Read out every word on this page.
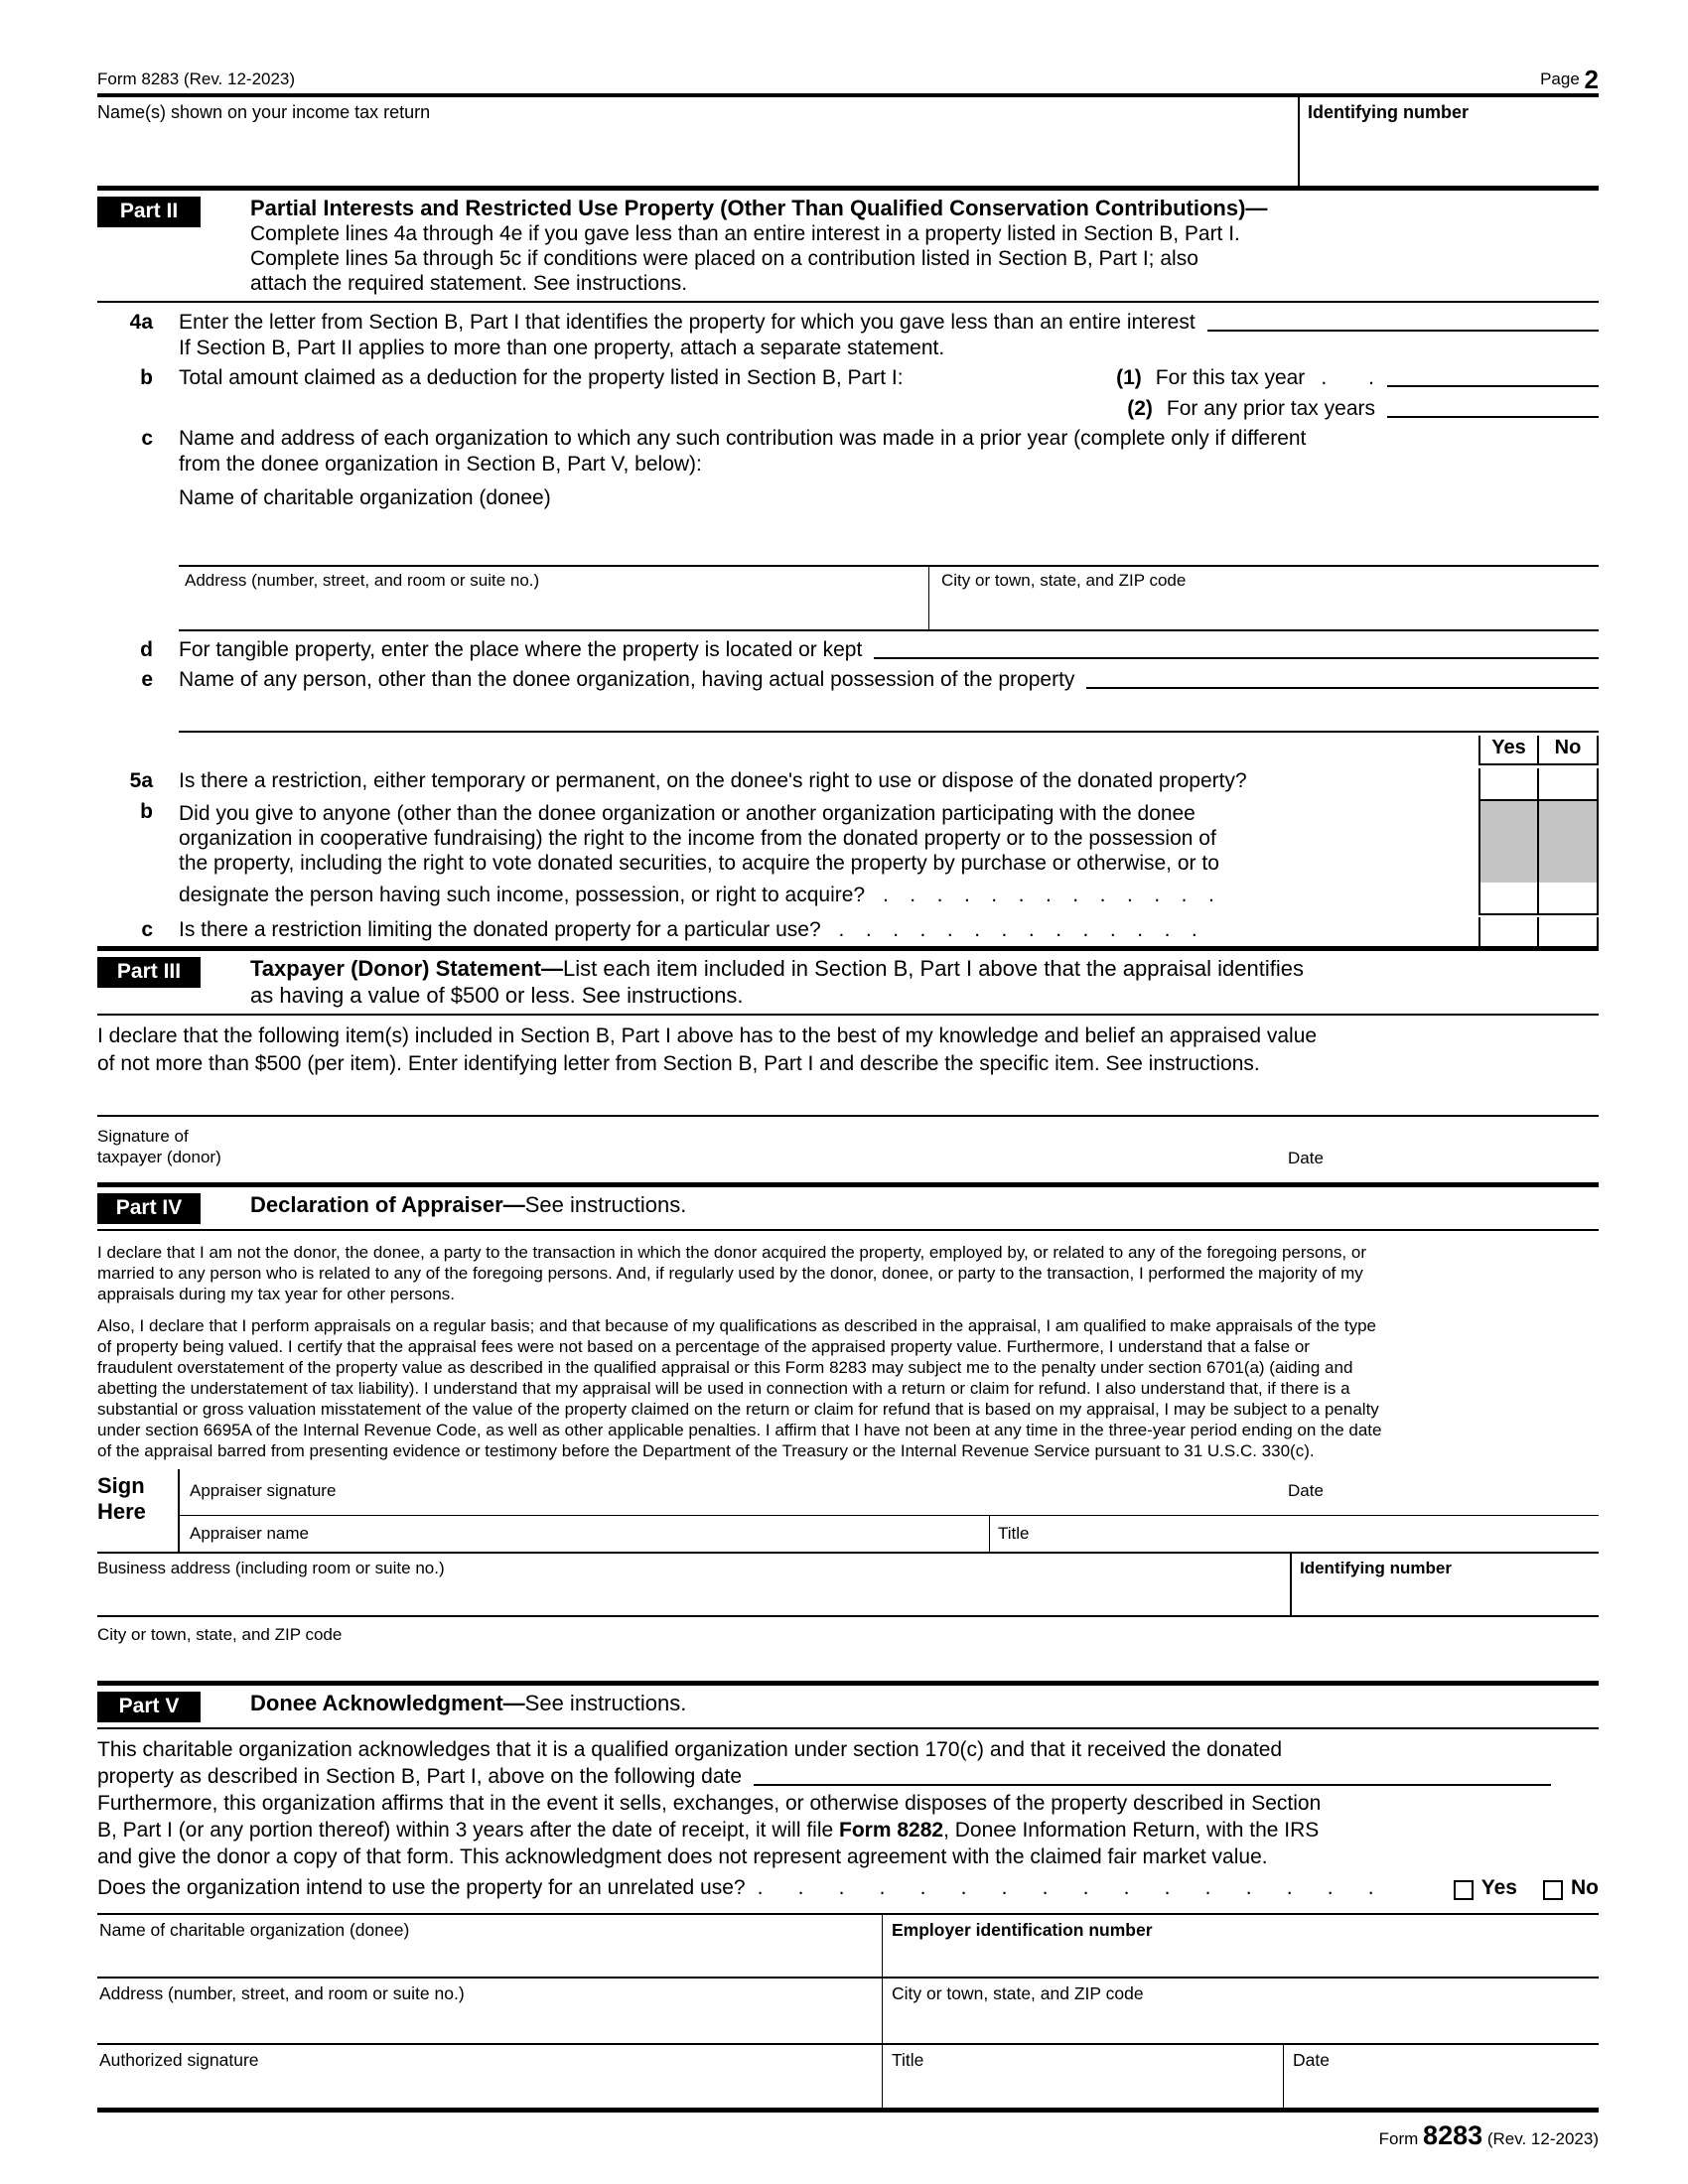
Form 8283 (Rev. 12-2023)	Page
2
Name(s) shown on your income tax return	Identifying number
Part II	Partial Interests and Restricted Use Property (Other Than Qualified Conservation Contributions)—
Complete lines 4a through 4e if you gave less than an entire interest in a property listed in Section B, Part I.
Complete lines 5a through 5c if conditions were placed on a contribution listed in Section B, Part I; also
attach the required statement. See instructions.
4a	Enter the letter from Section B, Part I that identifies the property for which you gave less than an entire interest
If Section B, Part II applies to more than one property, attach a separate statement.
b	Total amount claimed as a deduction for the property listed in Section B, Part I:	(1) For this tax year .      .
(2) For any prior tax years
c	Name and address of each organization to which any such contribution was made in a prior year (complete only if different
from the donee organization in Section B, Part V, below):
Name of charitable organization (donee)
Address (number, street, and room or suite no.)	City or town, state, and ZIP code
d	For tangible property, enter the place where the property is located or kept
e	Name of any person, other than the donee organization, having actual possession of the property
Yes	No
5a	Is there a restriction, either temporary or permanent, on the donee's right to use or dispose of the donated property?
b	Did you give to anyone (other than the donee organization or another organization participating with the donee
organization in cooperative fundraising) the right to the income from the donated property or to the possession of
the property, including the right to vote donated securities, to acquire the property by purchase or otherwise, or to
designate the person having such income, possession, or right to acquire? .   .   .   .   .   .   .   .   .   .   .   .   .
c	Is there a restriction limiting the donated property for a particular use? .   .   .   .   .   .   .   .   .   .   .   .   .   .
Part III	Taxpayer (Donor) Statement—List each item included in Section B, Part I above that the appraisal identifies
as having a value of $500 or less. See instructions.
I declare that the following item(s) included in Section B, Part I above has to the best of my knowledge and belief an appraised value
of not more than $500 (per item). Enter identifying letter from Section B, Part I and describe the specific item. See instructions.
Signature of
taxpayer (donor)	Date
Part IV	Declaration of Appraiser—See instructions.
I declare that I am not the donor, the donee, a party to the transaction in which the donor acquired the property, employed by, or related to any of the foregoing persons, or
married to any person who is related to any of the foregoing persons. And, if regularly used by the donor, donee, or party to the transaction, I performed the majority of my
appraisals during my tax year for other persons.
Also, I declare that I perform appraisals on a regular basis; and that because of my qualifications as described in the appraisal, I am qualified to make appraisals of the type
of property being valued. I certify that the appraisal fees were not based on a percentage of the appraised property value. Furthermore, I understand that a false or
fraudulent overstatement of the property value as described in the qualified appraisal or this Form 8283 may subject me to the penalty under section 6701(a) (aiding and
abetting the understatement of tax liability). I understand that my appraisal will be used in connection with a return or claim for refund. I also understand that, if there is a
substantial or gross valuation misstatement of the value of the property claimed on the return or claim for refund that is based on my appraisal, I may be subject to a penalty
under section 6695A of the Internal Revenue Code, as well as other applicable penalties. I affirm that I have not been at any time in the three-year period ending on the date
of the appraisal barred from presenting evidence or testimony before the Department of the Treasury or the Internal Revenue Service pursuant to 31 U.S.C. 330(c).
Sign
Here
Appraiser signature	Date
Appraiser name	Title
Business address (including room or suite no.)	Identifying number
City or town, state, and ZIP code
Part V	Donee Acknowledgment—See instructions.
This charitable organization acknowledges that it is a qualified organization under section 170(c) and that it received the donated
property as described in Section B, Part I, above on the following date
Furthermore, this organization affirms that in the event it sells, exchanges, or otherwise disposes of the property described in Section
B, Part I (or any portion thereof) within 3 years after the date of receipt, it will file Form 8282, Donee Information Return, with the IRS
and give the donor a copy of that form. This acknowledgment does not represent agreement with the claimed fair market value.
Does the organization intend to use the property for an unrelated use? .     .     .     .     .     .     .     .     .     .     .     .     .     .     .     .	Yes	No
Name of charitable organization (donee)	Employer identification number
Address (number, street, and room or suite no.)	City or town, state, and ZIP code
Authorized signature	Title	Date
Form 8283 (Rev. 12-2023)
